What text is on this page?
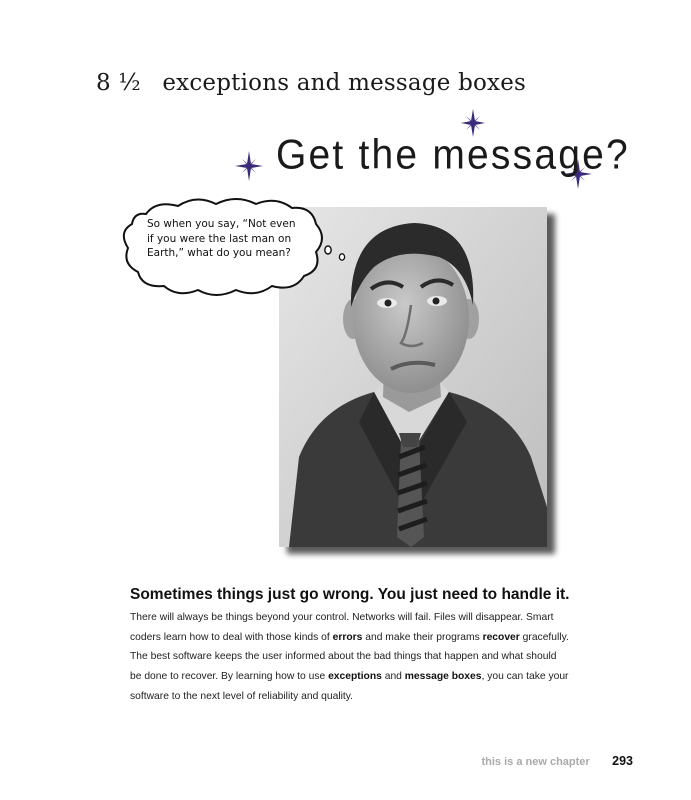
8 ½ exceptions and message boxes
Get the message?
So when you say, “Not even if you were the last man on Earth,” what do you mean?
Sometimes things just go wrong. You just need to handle it.
There will always be things beyond your control. Networks will fail. Files will disappear. Smart coders learn how to deal with those kinds of errors and make their programs recover gracefully. The best software keeps the user informed about the bad things that happen and what should be done to recover. By learning how to use exceptions and message boxes, you can take your software to the next level of reliability and quality.
this is a new chapter 293
